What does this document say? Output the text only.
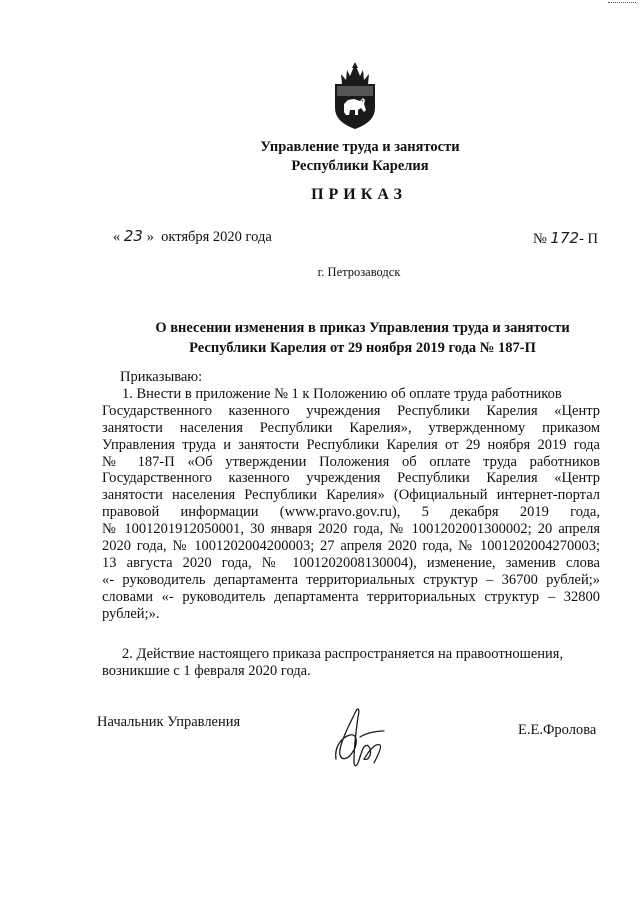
Управление труда и занятости
Республики Карелия
ПРИКАЗ
« 23 » октября 2020 года	№ 172- П
г. Петрозаводск
О внесении изменения в приказ Управления труда и занятости
Республики Карелия от 29 ноября 2019 года № 187-П
Приказываю:
1. Внести в приложение № 1 к Положению об оплате труда работников
Государственного казенного учреждения Республики Карелия «Центр
занятости населения Республики Карелия», утвержденному приказом
Управления труда и занятости Республики Карелия от 29 ноября 2019 года
№ 187-П «Об утверждении Положения об оплате труда работников
Государственного казенного учреждения Республики Карелия «Центр
занятости населения Республики Карелия» (Официальный интернет-портал
правовой информации (www.pravo.gov.ru), 5 декабря 2019 года,
№ 1001201912050001, 30 января 2020 года, № 1001202001300002; 20 апреля
2020 года, № 1001202004200003; 27 апреля 2020 года, № 1001202004270003;
13 августа 2020 года, № 1001202008130004), изменение, заменив слова
«- руководитель департамента территориальных структур – 36700 рублей;»
словами «- руководитель департамента территориальных структур – 32800
рублей;».
2. Действие настоящего приказа распространяется на правоотношения,
возникшие с 1 февраля 2020 года.
Начальник Управления	Е.Е.Фролова
